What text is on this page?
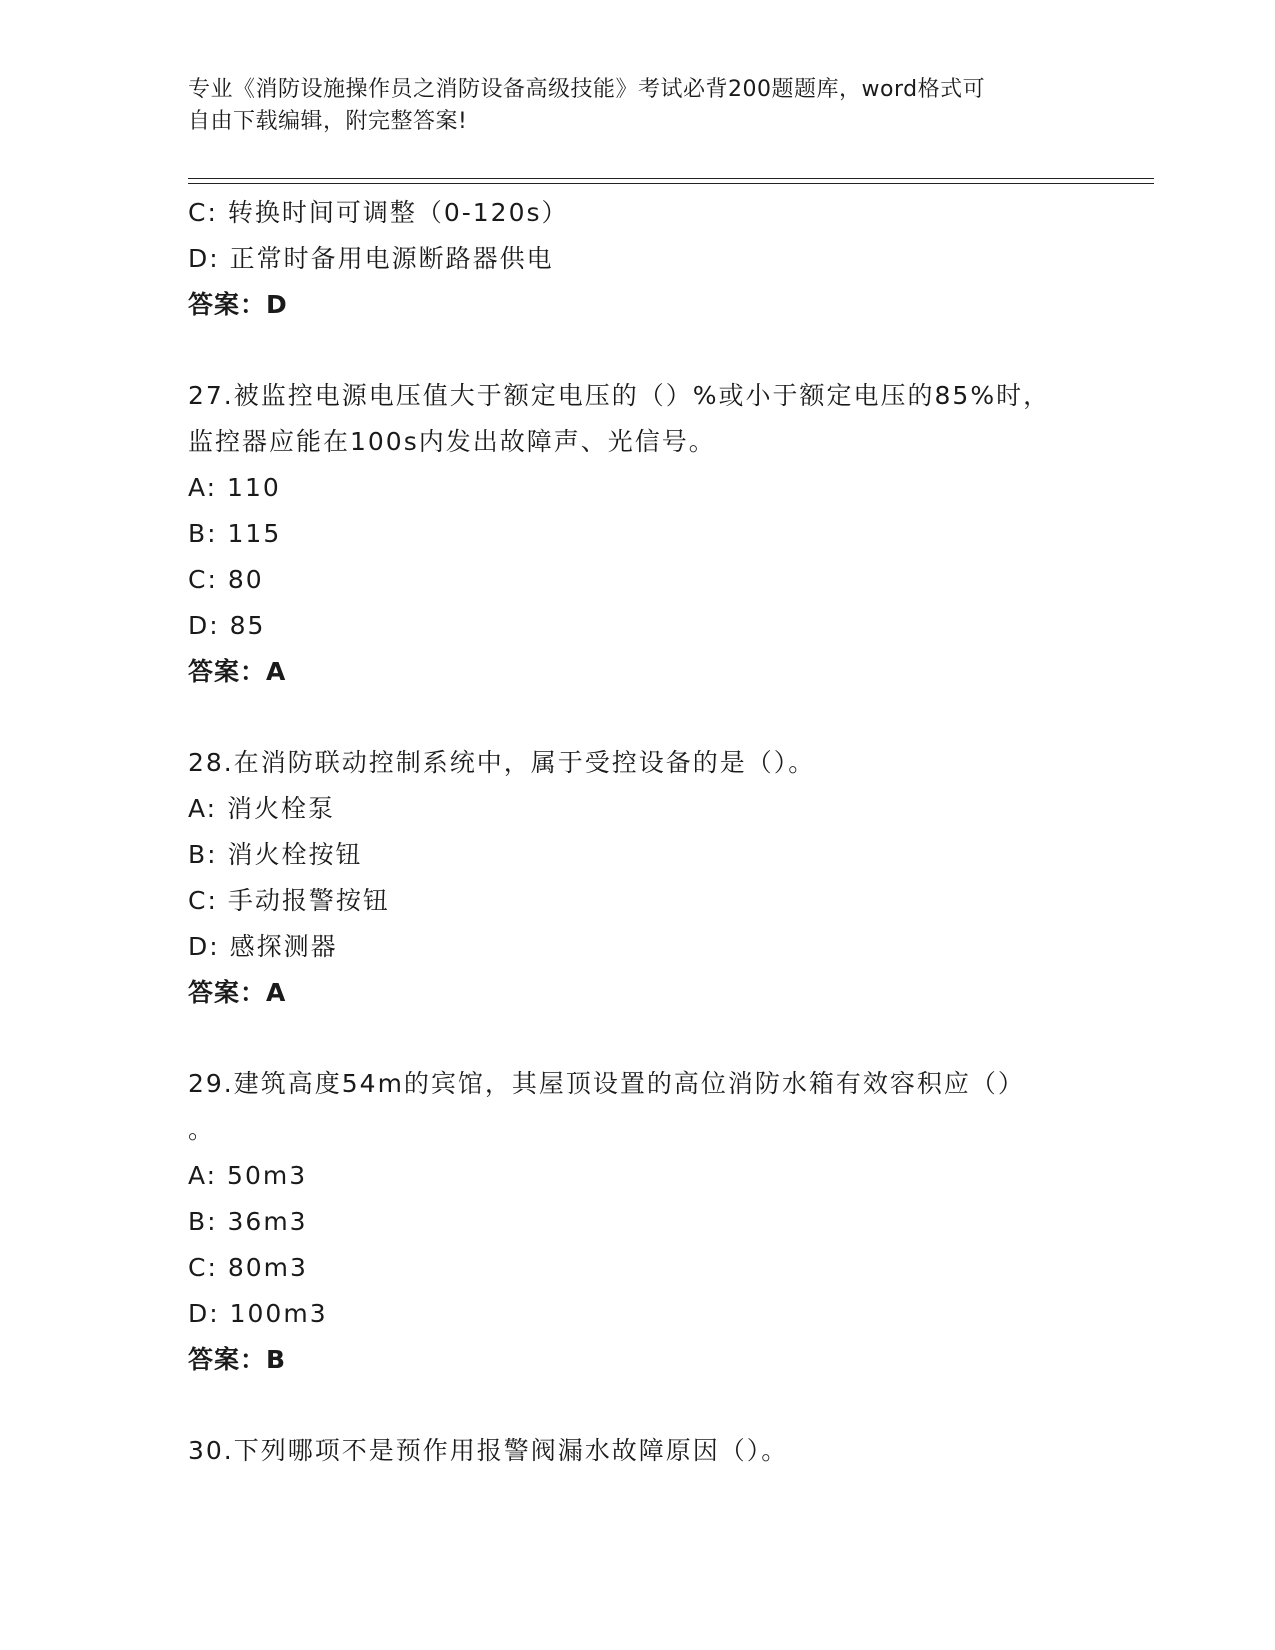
专业《消防设施操作员之消防设备高级技能》考试必背200题题库，word格式可
自由下载编辑，附完整答案!
C: 转换时间可调整（0-120s）
D: 正常时备用电源断路器供电
答案：D
27.被监控电源电压值大于额定电压的（）%或小于额定电压的85%时，
监控器应能在100s内发出故障声、光信号。
A: 110
B: 115
C: 80
D: 85
答案：A
28.在消防联动控制系统中，属于受控设备的是（）。
A: 消火栓泵
B: 消火栓按钮
C: 手动报警按钮
D: 感探测器
答案：A
29.建筑高度54m的宾馆，其屋顶设置的高位消防水箱有效容积应（）
。
A: 50m3
B: 36m3
C: 80m3
D: 100m3
答案：B
30.下列哪项不是预作用报警阀漏水故障原因（）。
